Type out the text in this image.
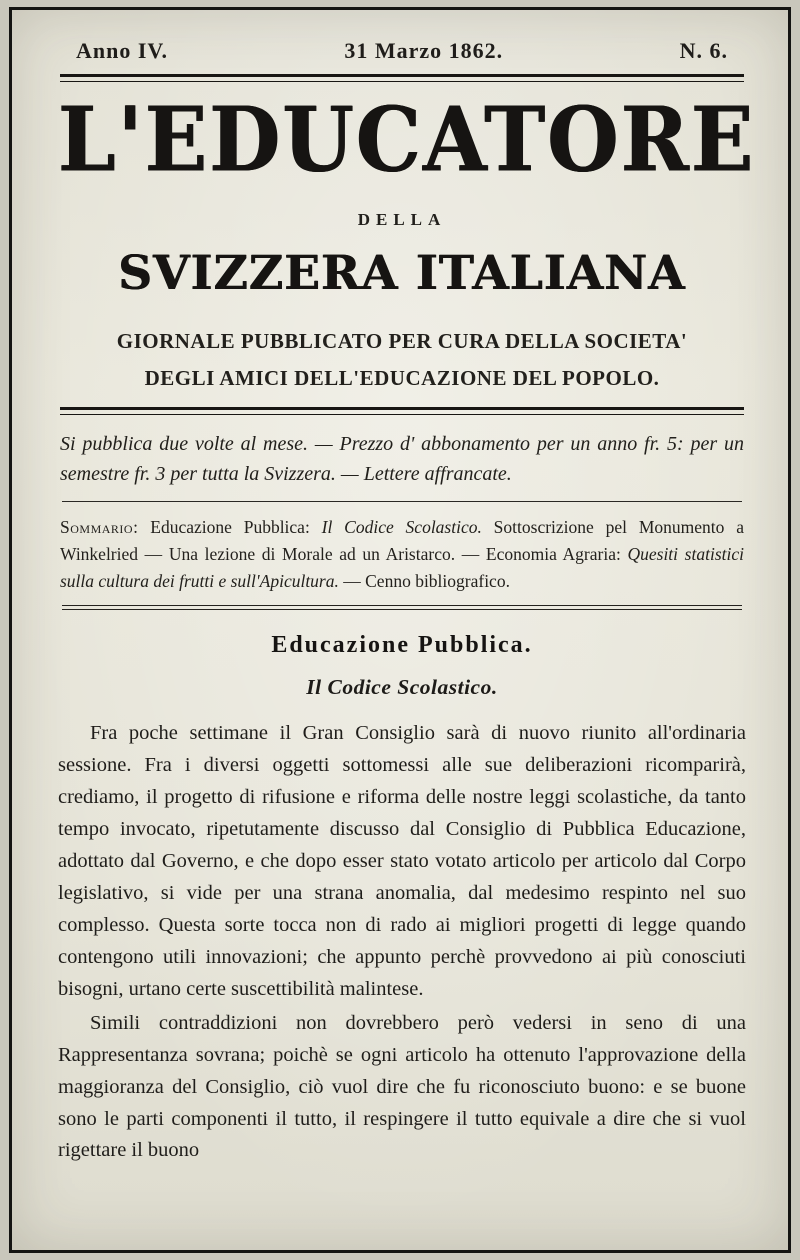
Anno IV.	31 Marzo 1862.	N. 6.
L'EDUCATORE
DELLA
SVIZZERA ITALIANA
GIORNALE PUBBLICATO PER CURA DELLA SOCIETA'
DEGLI AMICI DELL'EDUCAZIONE DEL POPOLO.

Si pubblica due volte al mese. — Prezzo d' abbonamento per un anno fr. 5: per un semestre fr. 3 per tutta la Svizzera. — Lettere affrancate.

Sommario: Educazione Pubblica: Il Codice Scolastico. Sottoscrizione pel Monumento a Winkelried — Una lezione di Morale ad un Aristarco. — Economia Agraria: Quesiti statistici sulla cultura dei frutti e sull'Apicultura. — Cenno bibliografico.

Educazione Pubblica.
Il Codice Scolastico.

Fra poche settimane il Gran Consiglio sarà di nuovo riunito all'ordinaria sessione. Fra i diversi oggetti sottomessi alle sue deliberazioni ricomparirà, crediamo, il progetto di rifusione e riforma delle nostre leggi scolastiche, da tanto tempo invocato, ripetutamente discusso dal Consiglio di Pubblica Educazione, adottato dal Governo, e che dopo esser stato votato articolo per articolo dal Corpo legislativo, si vide per una strana anomalia, dal medesimo respinto nel suo complesso. Questa sorte tocca non di rado ai migliori progetti di legge quando contengono utili innovazioni; che appunto perchè provvedono ai più conosciuti bisogni, urtano certe suscettibilità malintese.

Simili contraddizioni non dovrebbero però vedersi in seno di una Rappresentanza sovrana; poichè se ogni articolo ha ottenuto l'approvazione della maggioranza del Consiglio, ciò vuol dire che fu riconosciuto buono: e se buone sono le parti componenti il tutto, il respingere il tutto equivale a dire che si vuol rigettare il buono
